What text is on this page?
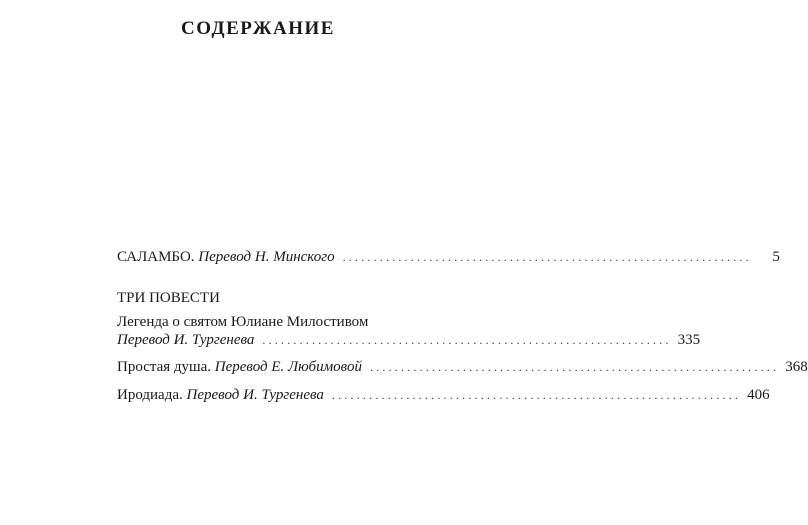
СОДЕРЖАНИЕ
САЛАМБО. Перевод Н. Минского ..................................................................	5
ТРИ ПОВЕСТИ
Легенда о святом Юлиане Милостивом
Перевод И. Тургенева .................................................................. 335
Простая душа. Перевод Е. Любимовой .................................................................. 368
Иродиада. Перевод И. Тургенева .................................................................. 406
